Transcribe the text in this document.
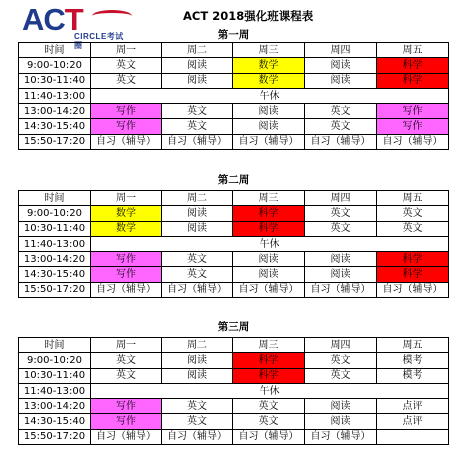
ACT
CIRCLE考试圈
ACT 2018强化班课程表
第一周
时间	周一	周二	周三	周四	周五
9:00-10:20	英文	阅读	数学	阅读	科学
10:30-11:40	英文	阅读	数学	阅读	科学
11:40-13:00	午休				
13:00-14:20	写作	英文	阅读	英文	写作
14:30-15:40	写作	英文	阅读	英文	写作
15:50-17:20	自习（辅导）	自习（辅导）	自习（辅导）	自习（辅导）	自习（辅导）
第二周
时间	周一	周二	周三	周四	周五
9:00-10:20	数学	阅读	科学	英文	英文
10:30-11:40	数学	阅读	科学	英文	英文
11:40-13:00	午休				
13:00-14:20	写作	英文	阅读	阅读	科学
14:30-15:40	写作	英文	阅读	阅读	科学
15:50-17:20	自习（辅导）	自习（辅导）	自习（辅导）	自习（辅导）	自习（辅导）
第三周
时间	周一	周二	周三	周四	周五
9:00-10:20	英文	阅读	科学	英文	模考
10:30-11:40	英文	阅读	科学	英文	模考
11:40-13:00	午休				
13:00-14:20	写作	英文	英文	阅读	点评
14:30-15:40	写作	英文	英文	阅读	点评
15:50-17:20	自习（辅导）	自习（辅导）	自习（辅导）	自习（辅导）	
